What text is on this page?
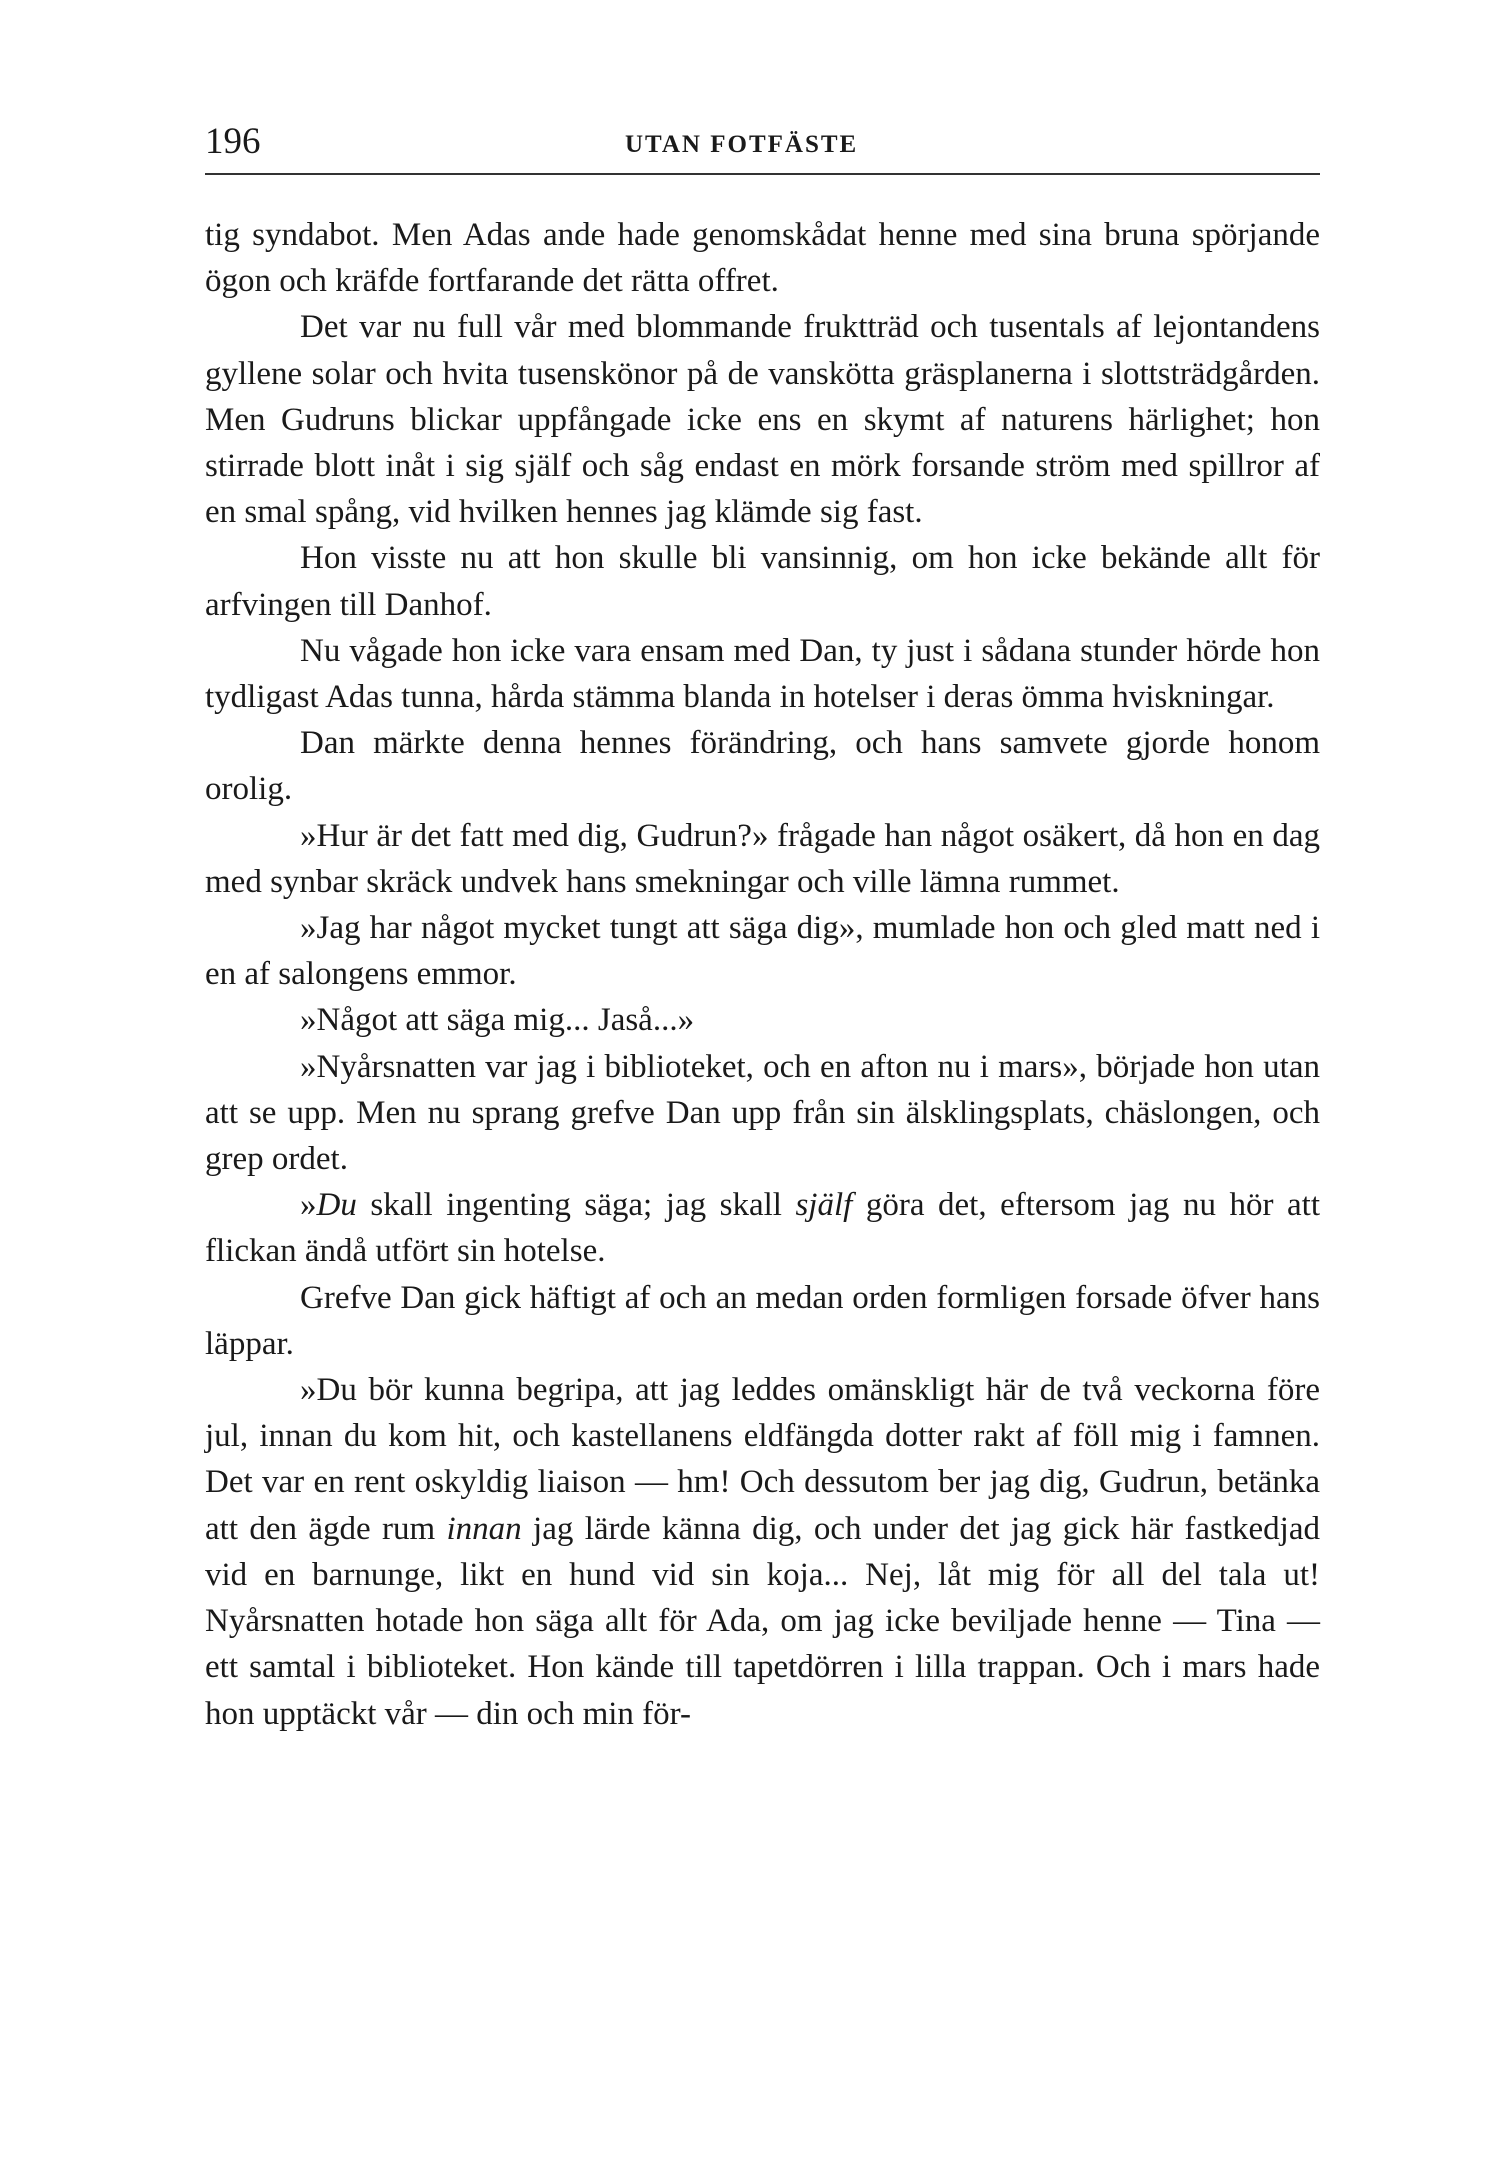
196	UTAN FOTFÄSTE

tig syndabot. Men Adas ande hade genomskådat henne med sina bruna spörjande ögon och kräfde fortfarande det rätta offret.

Det var nu full vår med blommande fruktträd och tusentals af lejontandens gyllene solar och hvita tusenskönor på de vanskötta gräsplanerna i slottsträdgården. Men Gudruns blickar uppfångade icke ens en skymt af naturens härlighet; hon stirrade blott inåt i sig själf och såg endast en mörk forsande ström med spillror af en smal spång, vid hvilken hennes jag klämde sig fast.

Hon visste nu att hon skulle bli vansinnig, om hon icke bekände allt för arfvingen till Danhof.

Nu vågade hon icke vara ensam med Dan, ty just i sådana stunder hörde hon tydligast Adas tunna, hårda stämma blanda in hotelser i deras ömma hviskningar.

Dan märkte denna hennes förändring, och hans samvete gjorde honom orolig.

»Hur är det fatt med dig, Gudrun?» frågade han något osäkert, då hon en dag med synbar skräck undvek hans smekningar och ville lämna rummet.

»Jag har något mycket tungt att säga dig», mumlade hon och gled matt ned i en af salongens emmor.

»Något att säga mig... Jaså...»

»Nyårsnatten var jag i biblioteket, och en afton nu i mars», började hon utan att se upp. Men nu sprang grefve Dan upp från sin älsklingsplats, chäslongen, och grep ordet.

»Du skall ingenting säga; jag skall själf göra det, eftersom jag nu hör att flickan ändå utfört sin hotelse.

Grefve Dan gick häftigt af och an medan orden formligen forsade öfver hans läppar.

»Du bör kunna begripa, att jag leddes omänskligt här de två veckorna före jul, innan du kom hit, och kastellanens eldfängda dotter rakt af föll mig i famnen. Det var en rent oskyldig liaison — hm! Och dessutom ber jag dig, Gudrun, betänka att den ägde rum innan jag lärde känna dig, och under det jag gick här fastkedjad vid en barnunge, likt en hund vid sin koja... Nej, låt mig för all del tala ut! Nyårsnatten hotade hon säga allt för Ada, om jag icke beviljade henne — Tina — ett samtal i biblioteket. Hon kände till tapetdörren i lilla trappan. Och i mars hade hon upptäckt vår — din och min för-
